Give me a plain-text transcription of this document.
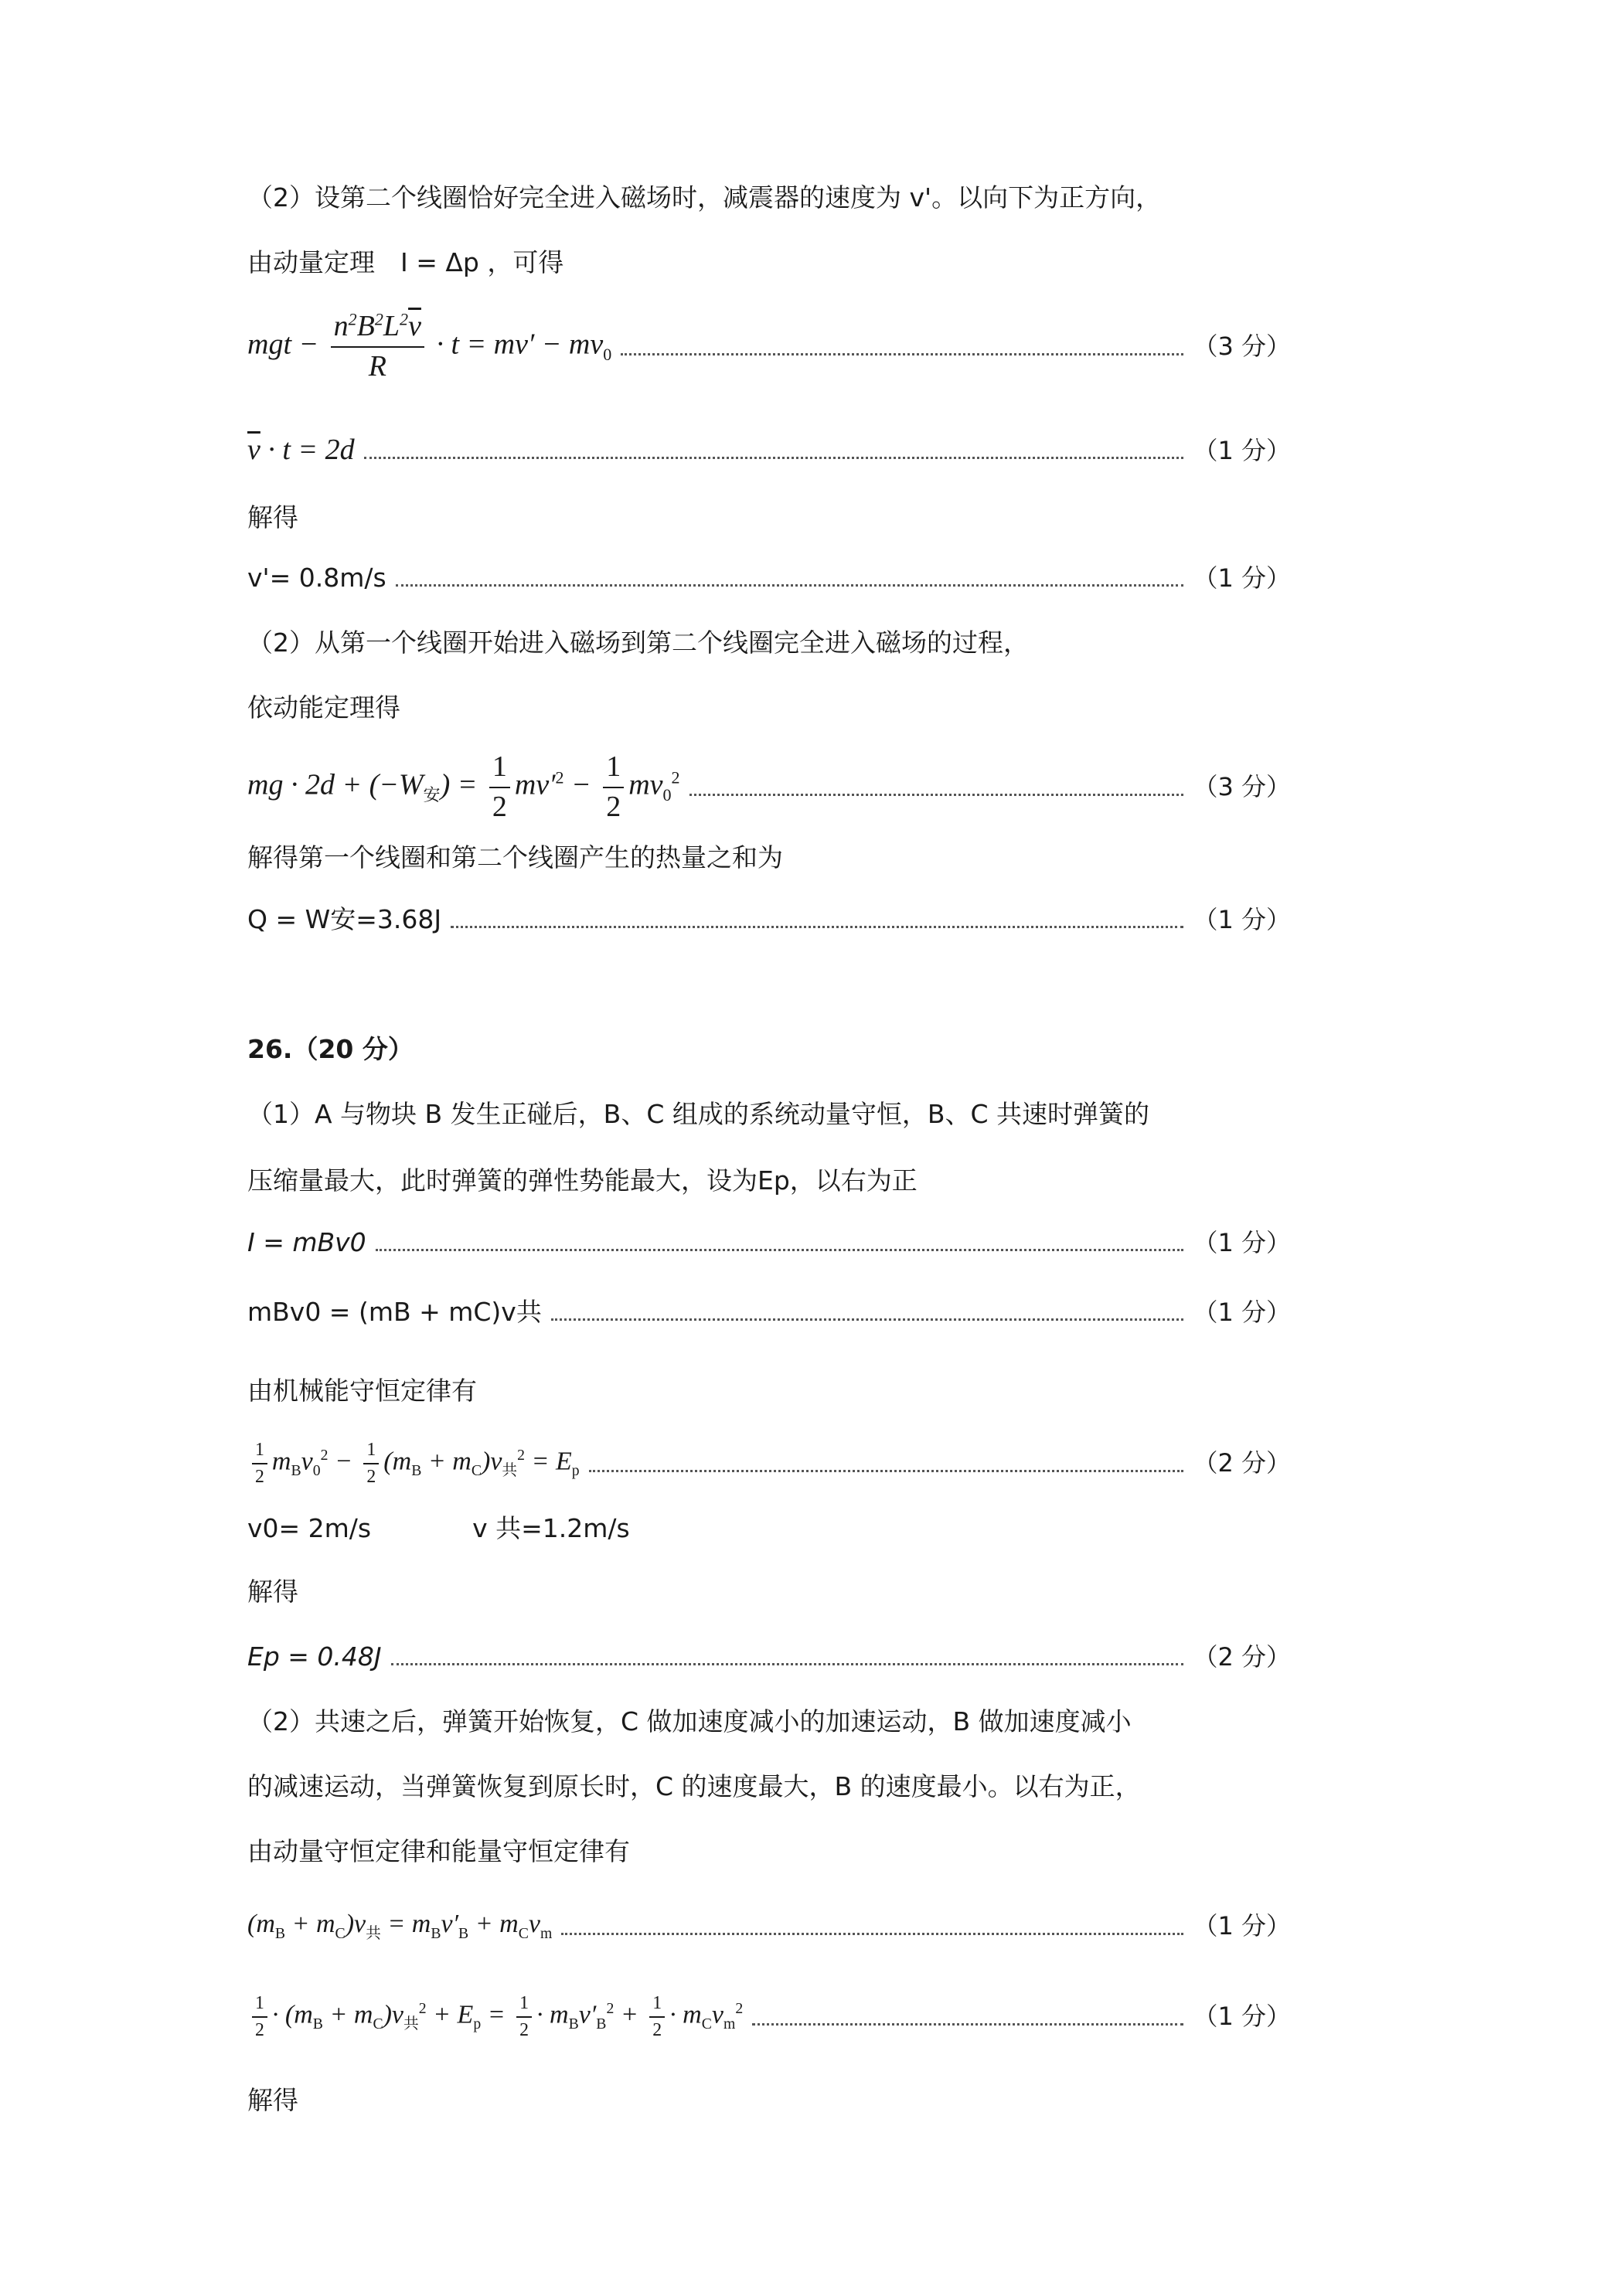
（2）设第二个线圈恰好完全进入磁场时，减震器的速度为 v'。以向下为正方向，
由动量定理　I = Δp ，可得
mgt − $\frac{n^2B^2L^2\overline{v}}{R} \cdot t = mv' - mv_0$	（3 分）
$\overline{v} \cdot t = 2d$	（1 分）
解得
v'= 0.8m/s	（1 分）
（2）从第一个线圈开始进入磁场到第二个线圈完全进入磁场的过程，
依动能定理得
mg · $2d + (-W_安) = \frac{1}{2} mv'^2 - \frac{1}{2} mv_0^2$	（3 分）
解得第一个线圈和第二个线圈产生的热量之和为
Q = W安=3.68J	（1 分）
26.（20 分）
（1）A 与物块 B 发生正碰后，B、C 组成的系统动量守恒，B、C 共速时弹簧的
压缩量最大，此时弹簧的弹性势能最大，设为Ep，以右为正
I = mBv0	（1 分）
mBv0 = (mB + mC)v共	（1 分）
由机械能守恒定律有
$\frac{1}{2} m_Bv_0^2 - \frac{1}{2} (m_B + m_C)v_共^2 = E_p$	（2 分）
v0= 2m/s	v 共=1.2m/s
解得
Ep = 0.48J	（2 分）
（2）共速之后，弹簧开始恢复，C 做加速度减小的加速运动，B 做加速度减小
的减速运动，当弹簧恢复到原长时，C 的速度最大，B 的速度最小。以右为正，
由动量守恒定律和能量守恒定律有
$(m_B + m_C)v_共 = m_Bv'_B + m_Cv_m$	（1 分）
$\frac{1}{2} \cdot (m_B + m_C)v_共^2 + E_p = \frac{1}{2} \cdot m_Bv'_B^2 + \frac{1}{2} \cdot m_Cv_m^2$	（1 分）
解得
